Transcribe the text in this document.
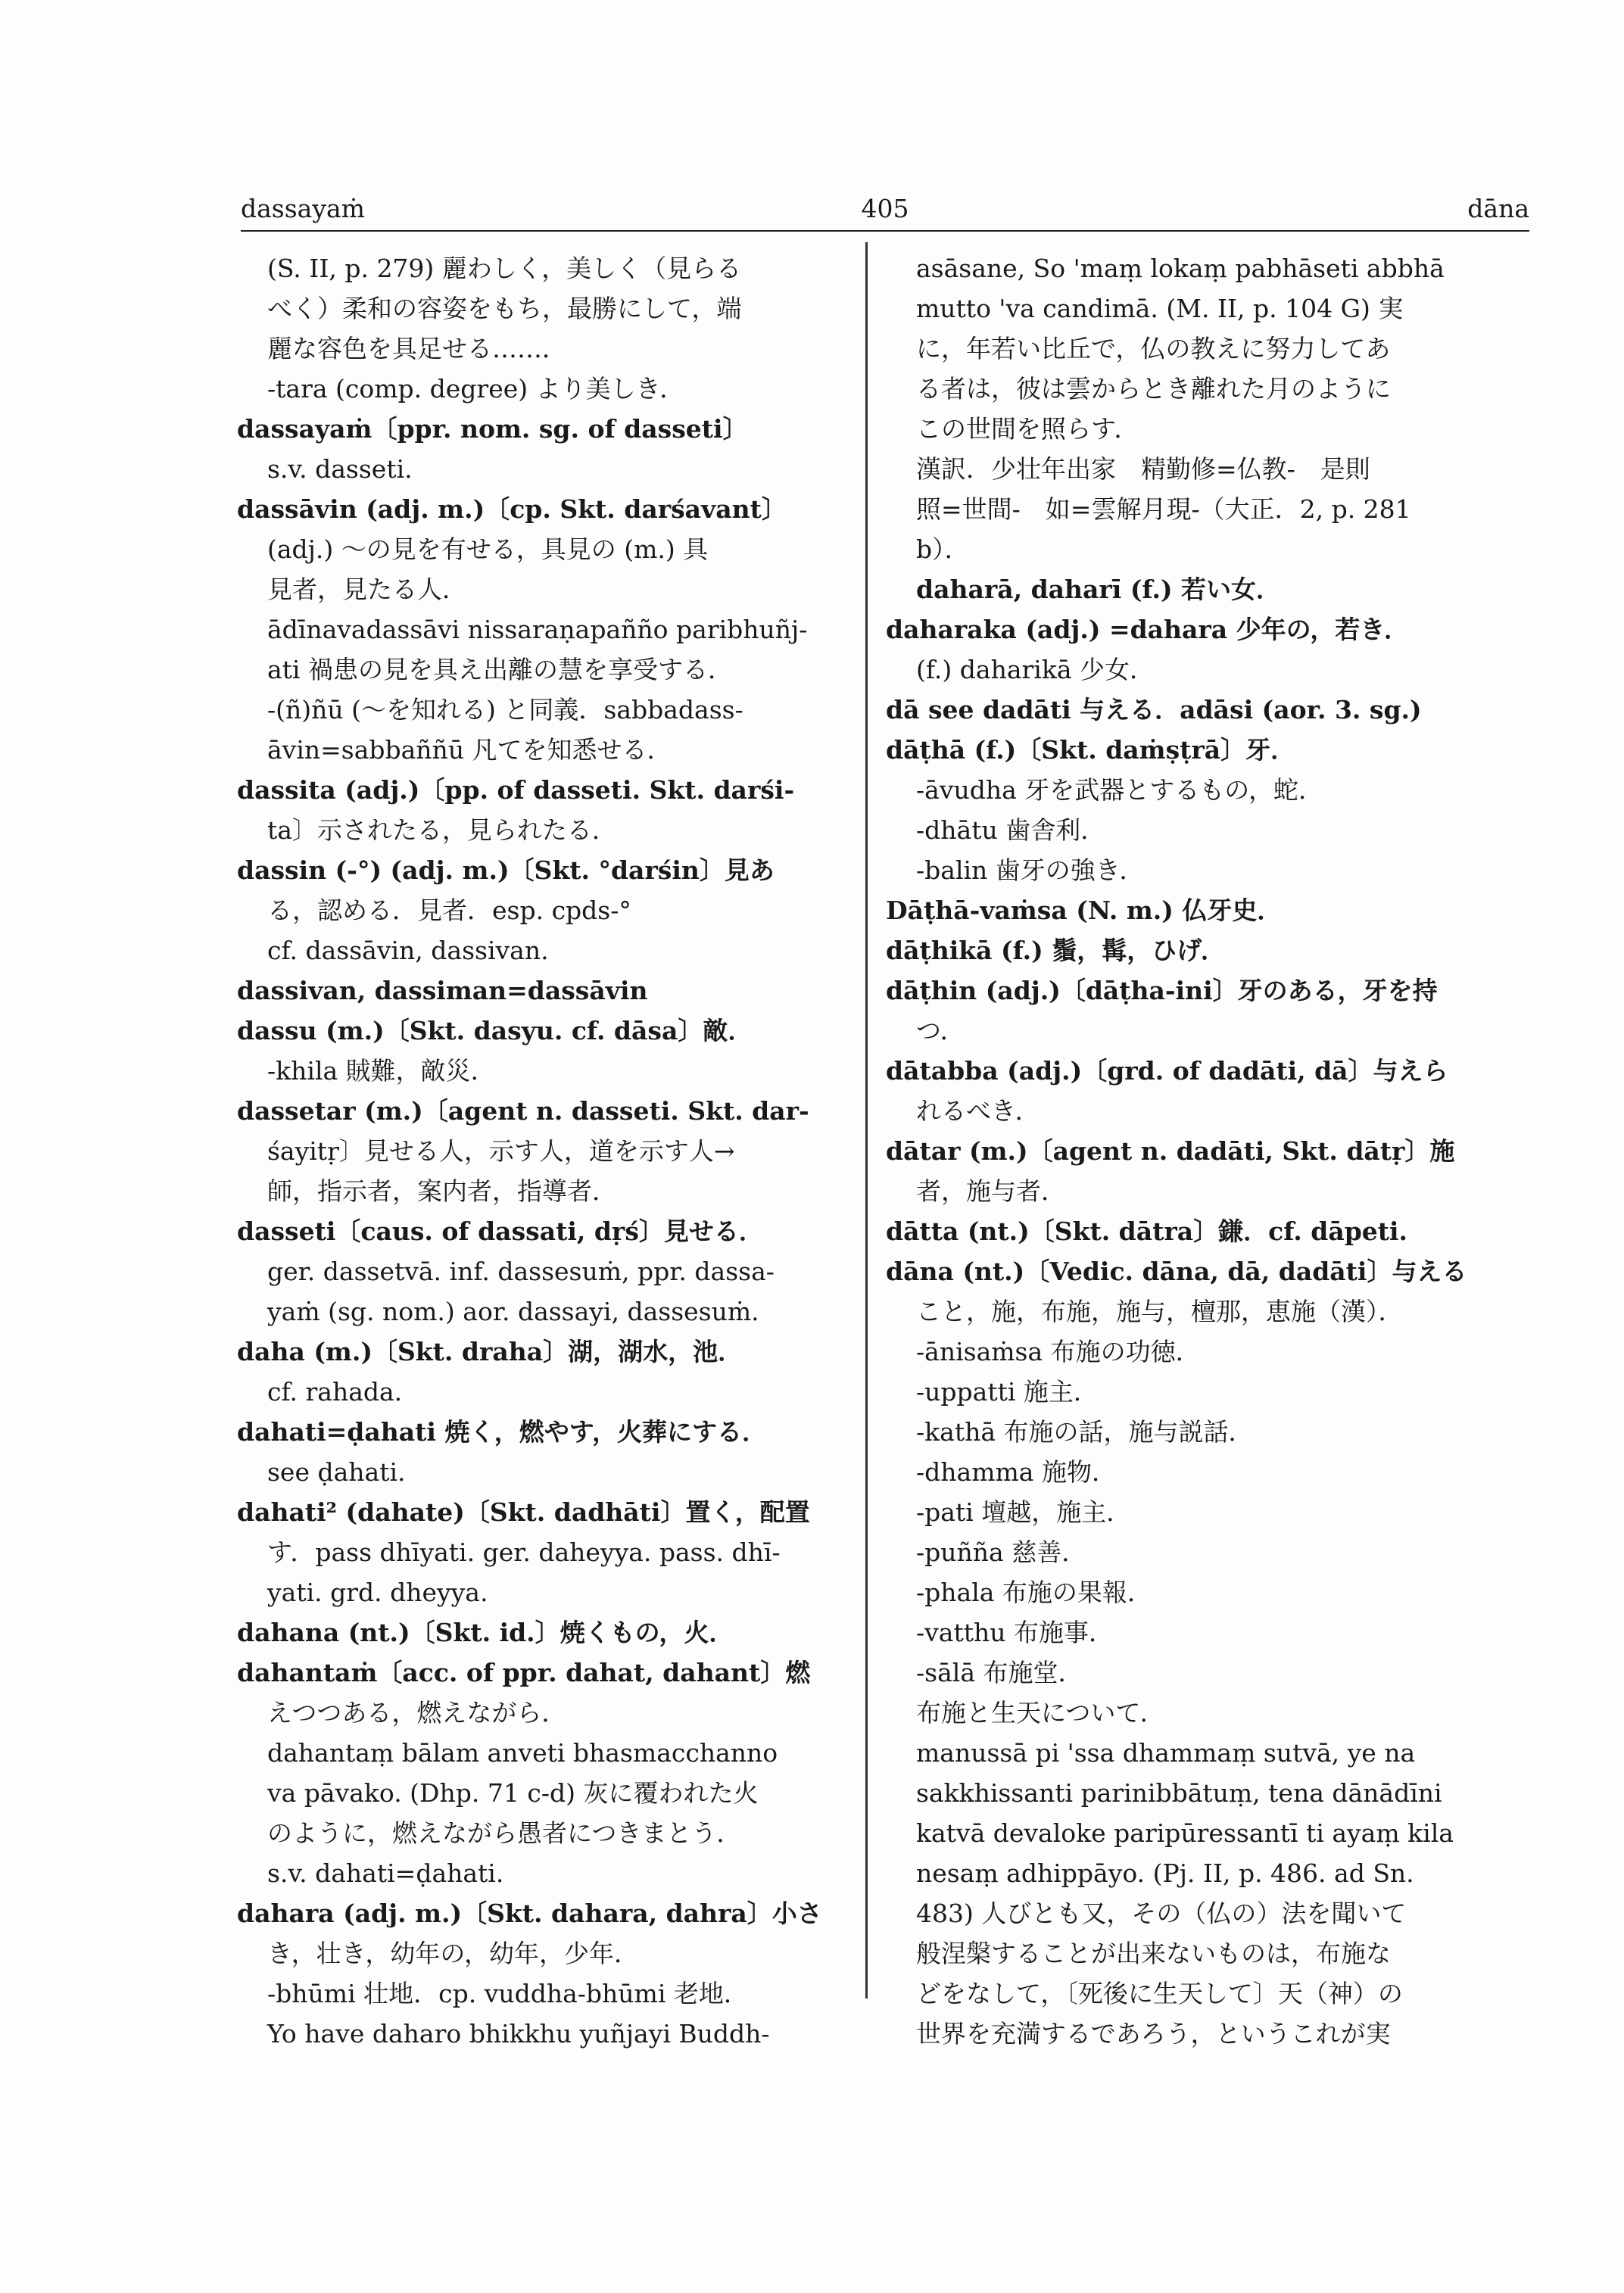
dassayaṁ	405	dāna
(S. II, p. 279) 麗わしく，美しく（見らる
べく）柔和の容姿をもち，最勝にして，端
麗な容色を具足せる……．
-tara (comp. degree) より美しき．
dassayaṁ〔ppr. nom. sg. of dasseti〕
s.v. dasseti.
dassāvin (adj. m.)〔cp. Skt. darśavant〕
(adj.) ～の見を有せる，具見の (m.) 具
見者，見たる人．
ādīnavadassāvi nissaraṇapañño paribhuñj-
ati 禍患の見を具え出離の慧を享受する．
-(ñ)ñū (～を知れる) と同義．sabbadass-
āvin=sabbaññū 凡てを知悉せる．
dassita (adj.)〔pp. of dasseti. Skt. darśi-
ta〕示されたる，見られたる．
dassin (-°) (adj. m.)〔Skt. °darśin〕見あ
る，認める．見者．esp. cpds-°
cf. dassāvin, dassivan.
dassivan, dassiman=dassāvin
dassu (m.)〔Skt. dasyu. cf. dāsa〕敵．
-khila 賊難，敵災．
dassetar (m.)〔agent n. dasseti. Skt. dar-
śayitṛ〕見せる人，示す人，道を示す人→
師，指示者，案内者，指導者．
dasseti〔caus. of dassati, dṛś〕見せる．
ger. dassetvā. inf. dassesuṁ, ppr. dassa-
yaṁ (sg. nom.) aor. dassayi, dassesuṁ.
daha (m.)〔Skt. draha〕湖，湖水，池．
cf. rahada.
dahati=ḍahati 焼く，燃やす，火葬にする．
see ḍahati.
dahati² (dahate)〔Skt. dadhāti〕置く，配置
す．pass dhīyati. ger. daheyya. pass. dhī-
yati. grd. dheyya.
dahana (nt.)〔Skt. id.〕焼くもの，火．
dahantaṁ〔acc. of ppr. dahat, dahant〕燃
えつつある，燃えながら．
dahantaṃ bālam anveti bhasmacchanno
va pāvako. (Dhp. 71 c-d) 灰に覆われた火
のように，燃えながら愚者につきまとう．
s.v. dahati=ḍahati.
dahara (adj. m.)〔Skt. dahara, dahra〕小さ
き，壮き，幼年の，幼年，少年．
-bhūmi 壮地．cp. vuddha-bhūmi 老地．
Yo have daharo bhikkhu yuñjayi Buddh-
asāsane, So 'maṃ lokaṃ pabhāseti abbhā
mutto 'va candimā. (M. II, p. 104 G) 実
に，年若い比丘で，仏の教えに努力してあ
る者は，彼は雲からとき離れた月のように
この世間を照らす．
漢訳．少壮年出家　精勤修=仏教-　是則
照=世間-　如=雲解月現-（大正．2, p. 281
b）．
daharā, daharī (f.) 若い女．
daharaka (adj.) =dahara 少年の，若き．
(f.) daharikā 少女．
dā see dadāti 与える．adāsi (aor. 3. sg.)
dāṭhā (f.)〔Skt. daṁṣṭrā〕牙．
-āvudha 牙を武器とするもの，蛇．
-dhātu 歯舎利．
-balin 歯牙の強き．
Dāṭhā-vaṁsa (N. m.) 仏牙史．
dāṭhikā (f.) 鬚，髯，ひげ．
dāṭhin (adj.)〔dāṭha-ini〕牙のある，牙を持
つ．
dātabba (adj.)〔grd. of dadāti, dā〕与えら
れるべき．
dātar (m.)〔agent n. dadāti, Skt. dātṛ〕施
者，施与者．
dātta (nt.)〔Skt. dātra〕鎌．cf. dāpeti.
dāna (nt.)〔Vedic. dāna, dā, dadāti〕与える
こと，施，布施，施与，檀那，恵施（漢）．
-ānisaṁsa 布施の功徳．
-uppatti 施主．
-kathā 布施の話，施与説話．
-dhamma 施物．
-pati 壇越，施主．
-puñña 慈善．
-phala 布施の果報．
-vatthu 布施事．
-sālā 布施堂．
布施と生天について．
manussā pi 'ssa dhammaṃ sutvā, ye na
sakkhissanti parinibbātuṃ, tena dānādīni
katvā devaloke paripūressantī ti ayaṃ kila
nesaṃ adhippāyo. (Pj. II, p. 486. ad Sn.
483) 人びとも又，その（仏の）法を聞いて
般涅槃することが出来ないものは，布施な
どをなして，〔死後に生天して〕天（神）の
世界を充満するであろう，というこれが実
